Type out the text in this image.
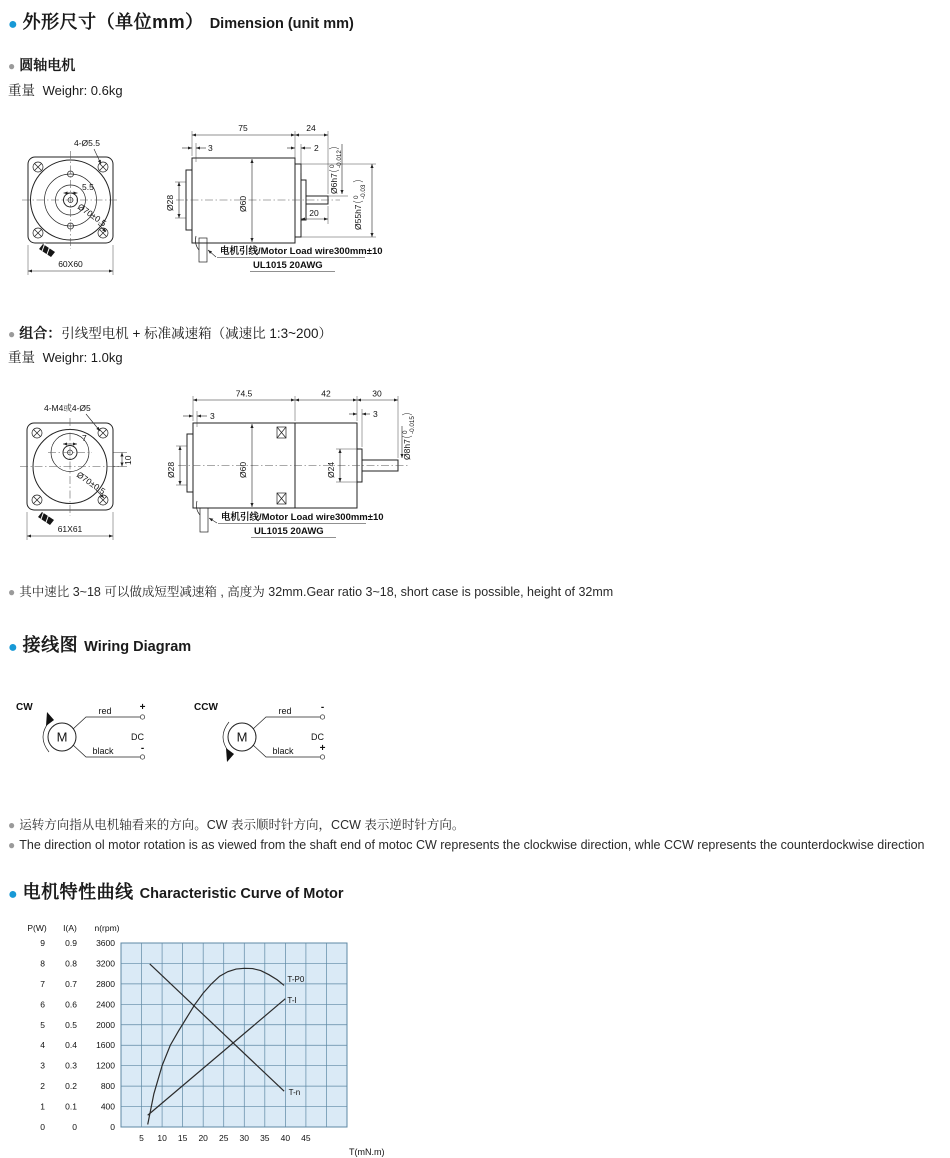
● 外形尺寸（单位mm） Dimension (unit mm)
● 圆轴电机
重量 Weighr: 0.6kg
4-Ø5.5
5.5
Ø70±0.5
60X60
75	24
3	2
20
Ø28	Ø60
Ø6h7
0 -0.012
Ø55h7
0 -0.03
电机引线/Motor Load wire300mm±10
UL1015 20AWG
● 组合： 引线型电机 + 标准减速箱（减速比 1:3~200）
重量 Weighr: 1.0kg
4-M4或4-Ø5
7
10
Ø70±0.5
61X61
74.5	42	30
3	3
Ø28	Ø60	Ø24
Ø8h7
0 -0.015
电机引线/Motor Load wire300mm±10
UL1015 20AWG
● 其中速比 3~18 可以做成短型减速箱 , 高度为 32mm.Gear ratio 3~18, short case is possible, height of 32mm
● 接线图 Wiring Diagram
CW
M
+
red
-
black
DC
CCW
M
-
red
+
black
DC
● 运转方向指从电机轴看来的方向。CW 表示顺时针方向，CCW 表示逆时针方向。
● The direction ol motor rotation is as viewed from the shaft end of motoc CW represents the clockwise direction, whle CCW represents the counterdockwise direction
● 电机特性曲线 Characteristic Curve of Motor
P(W)
9
8
7
6
5
4
3
2
1
0
I(A)
0.9
0.8
0.7
0.6
0.5
0.4
0.3
0.2
0.1
0
n(rpm)
3600
3200
2800
2400
2000
1600
1200
800
400
0
5 10 15 20 25 30 35 40 45
T(mN.m)
T-P0
T-I
T-n
